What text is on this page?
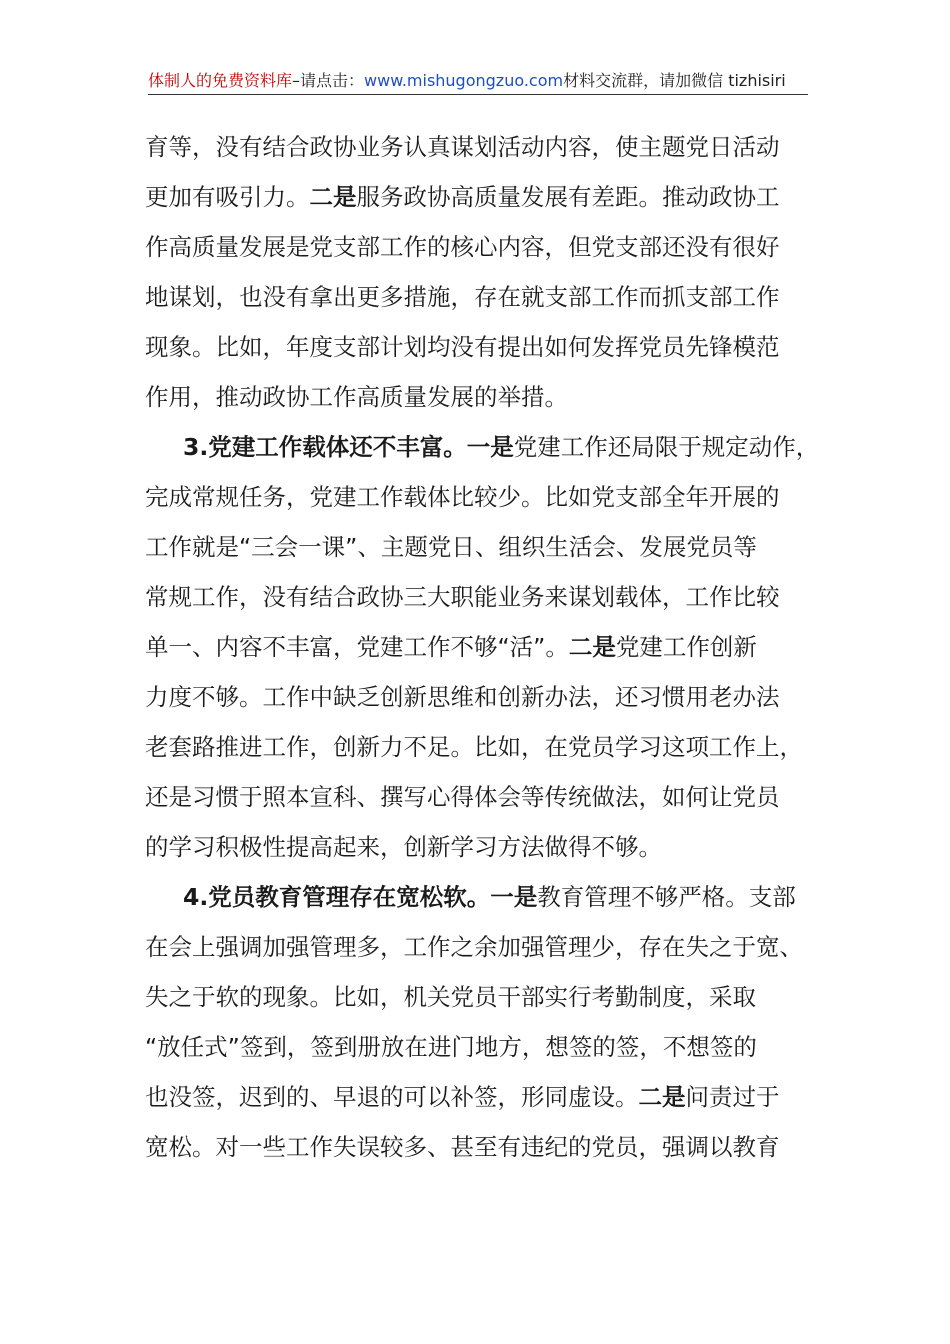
体制人的免费资料库–请点击：www.mishugongzuo.com材料交流群，请加微信 tizhisiri
育等，没有结合政协业务认真谋划活动内容，使主题党日活动
更加有吸引力。二是服务政协高质量发展有差距。推动政协工
作高质量发展是党支部工作的核心内容，但党支部还没有很好
地谋划，也没有拿出更多措施，存在就支部工作而抓支部工作
现象。比如，年度支部计划均没有提出如何发挥党员先锋模范
作用，推动政协工作高质量发展的举措。
3.党建工作载体还不丰富。一是党建工作还局限于规定动作，
完成常规任务，党建工作载体比较少。比如党支部全年开展的
工作就是“三会一课”、主题党日、组织生活会、发展党员等
常规工作，没有结合政协三大职能业务来谋划载体，工作比较
单一、内容不丰富，党建工作不够“活”。二是党建工作创新
力度不够。工作中缺乏创新思维和创新办法，还习惯用老办法
老套路推进工作，创新力不足。比如，在党员学习这项工作上，
还是习惯于照本宣科、撰写心得体会等传统做法，如何让党员
的学习积极性提高起来，创新学习方法做得不够。
4.党员教育管理存在宽松软。一是教育管理不够严格。支部
在会上强调加强管理多，工作之余加强管理少，存在失之于宽、
失之于软的现象。比如，机关党员干部实行考勤制度，采取
“放任式”签到，签到册放在进门地方，想签的签，不想签的
也没签，迟到的、早退的可以补签，形同虚设。二是问责过于
宽松。对一些工作失误较多、甚至有违纪的党员，强调以教育
